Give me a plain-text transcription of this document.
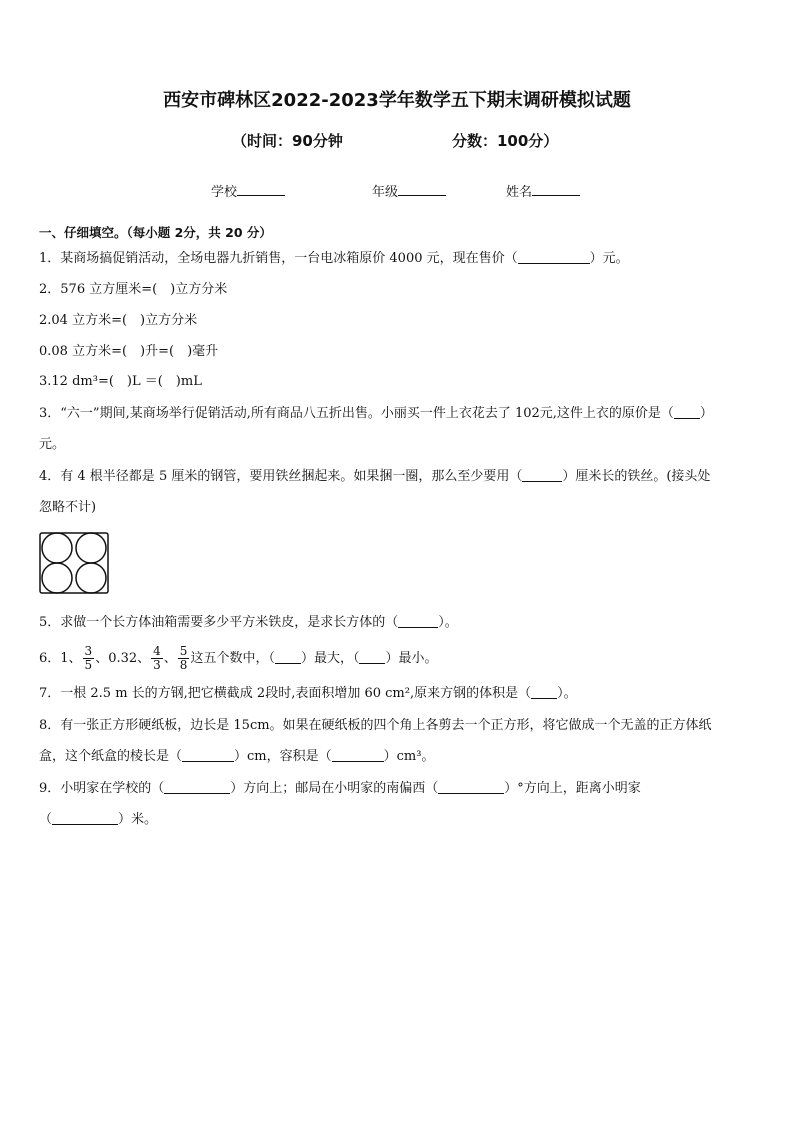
西安市碑林区2022-2023学年数学五下期末调研模拟试题
（时间：90分钟	分数：100分）
学校	年级	姓名
一、仔细填空。（每小题 2分，共 20 分）
1．某商场搞促销活动，全场电器九折销售，一台电冰箱原价 4000 元，现在售价（	）元。
2．576 立方厘米=(　)立方分米
2.04 立方米=(　)立方分米
0.08 立方米=(　)升=(　)毫升
3.12 dm³=(　)L ＝(　)mL
3．“六一”期间,某商场举行促销活动,所有商品八五折出售。小丽买一件上衣花去了 102元,这件上衣的原价是（ ）
元。
4．有 4 根半径都是 5 厘米的钢管，要用铁丝捆起来。如果捆一圈，那么至少要用（	）厘米长的铁丝。(接头处
忽略不计)
5．求做一个长方体油箱需要多少平方米铁皮，是求长方体的（	）。
6．1、 $\frac{3}{5}$ 、0.32、 $\frac{4}{3}$ 、 $\frac{5}{8}$ 这五个数中，（ ）最大，（ ）最小。
7．一根 2.5 m 长的方钢,把它横截成 2段时,表面积增加 60 cm²,原来方钢的体积是（ ）。
8．有一张正方形硬纸板，边长是 15cm。如果在硬纸板的四个角上各剪去一个正方形，将它做成一个无盖的正方体纸
盒，这个纸盒的棱长是（	）cm，容积是（	）cm³。
9．小明家在学校的（	）方向上；邮局在小明家的南偏西（	）°方向上，距离小明家
（	）米。
